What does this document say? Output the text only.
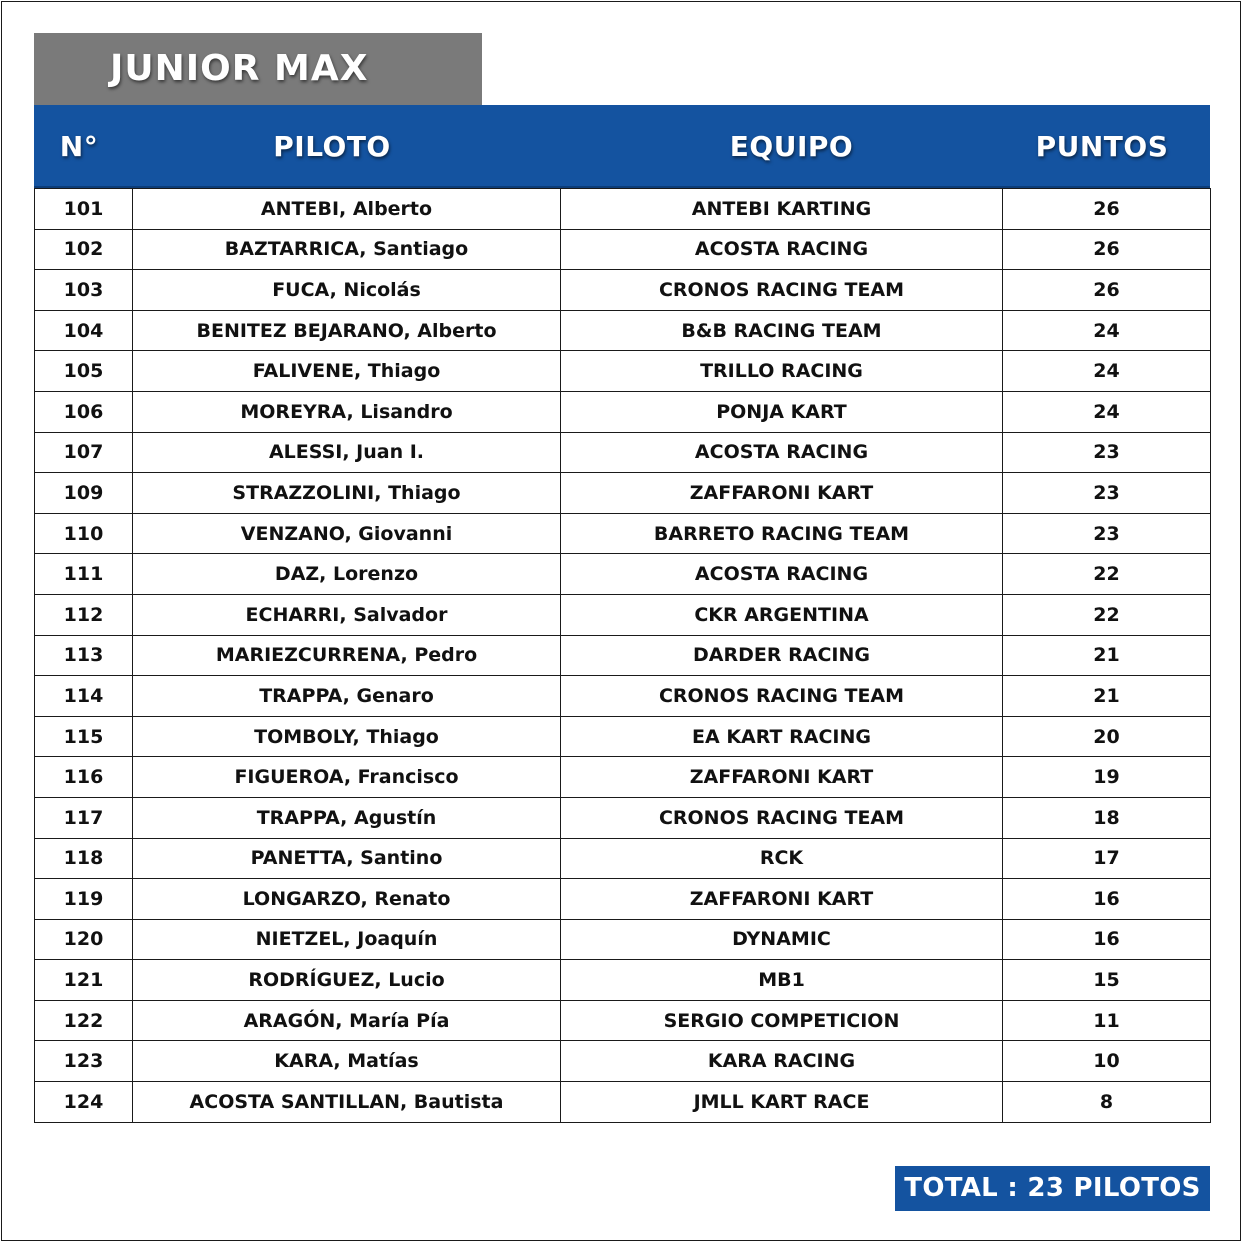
JUNIOR MAX
N°	PILOTO	EQUIPO	PUNTOS
101	ANTEBI, Alberto	ANTEBI KARTING	26
102	BAZTARRICA, Santiago	ACOSTA RACING	26
103	FUCA, Nicolás	CRONOS RACING TEAM	26
104	BENITEZ BEJARANO, Alberto	B&B RACING TEAM	24
105	FALIVENE, Thiago	TRILLO RACING	24
106	MOREYRA, Lisandro	PONJA KART	24
107	ALESSI, Juan I.	ACOSTA RACING	23
109	STRAZZOLINI, Thiago	ZAFFARONI KART	23
110	VENZANO, Giovanni	BARRETO RACING TEAM	23
111	DAZ, Lorenzo	ACOSTA RACING	22
112	ECHARRI, Salvador	CKR ARGENTINA	22
113	MARIEZCURRENA, Pedro	DARDER RACING	21
114	TRAPPA, Genaro	CRONOS RACING TEAM	21
115	TOMBOLY, Thiago	EA KART RACING	20
116	FIGUEROA, Francisco	ZAFFARONI KART	19
117	TRAPPA, Agustín	CRONOS RACING TEAM	18
118	PANETTA, Santino	RCK	17
119	LONGARZO, Renato	ZAFFARONI KART	16
120	NIETZEL, Joaquín	DYNAMIC	16
121	RODRÍGUEZ, Lucio	MB1	15
122	ARAGÓN, María Pía	SERGIO COMPETICION	11
123	KARA, Matías	KARA RACING	10
124	ACOSTA SANTILLAN, Bautista	JMLL KART RACE	8
TOTAL : 23 PILOTOS
